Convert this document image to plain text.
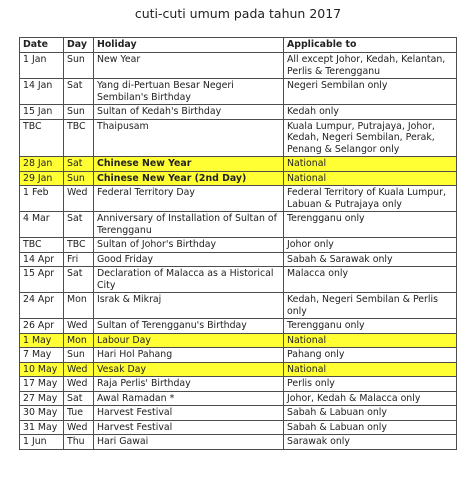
cuti-cuti umum pada tahun 2017
Date	Day	Holiday	Applicable to
1 Jan	Sun	New Year	All except Johor, Kedah, Kelantan, Perlis & Terengganu
14 Jan	Sat	Yang di-Pertuan Besar Negeri Sembilan's Birthday	Negeri Sembilan only
15 Jan	Sun	Sultan of Kedah's Birthday	Kedah only
TBC	TBC	Thaipusam	Kuala Lumpur, Putrajaya, Johor, Kedah, Negeri Sembilan, Perak, Penang & Selangor only
28 Jan	Sat	Chinese New Year	National
29 Jan	Sun	Chinese New Year (2nd Day)	National
1 Feb	Wed	Federal Territory Day	Federal Territory of Kuala Lumpur, Labuan & Putrajaya only
4 Mar	Sat	Anniversary of Installation of Sultan of Terengganu	Terengganu only
TBC	TBC	Sultan of Johor's Birthday	Johor only
14 Apr	Fri	Good Friday	Sabah & Sarawak only
15 Apr	Sat	Declaration of Malacca as a Historical City	Malacca only
24 Apr	Mon	Israk & Mikraj	Kedah, Negeri Sembilan & Perlis only
26 Apr	Wed	Sultan of Terengganu's Birthday	Terengganu only
1 May	Mon	Labour Day	National
7 May	Sun	Hari Hol Pahang	Pahang only
10 May	Wed	Vesak Day	National
17 May	Wed	Raja Perlis' Birthday	Perlis only
27 May	Sat	Awal Ramadan *	Johor, Kedah & Malacca only
30 May	Tue	Harvest Festival	Sabah & Labuan only
31 May	Wed	Harvest Festival	Sabah & Labuan only
1 Jun	Thu	Hari Gawai	Sarawak only
